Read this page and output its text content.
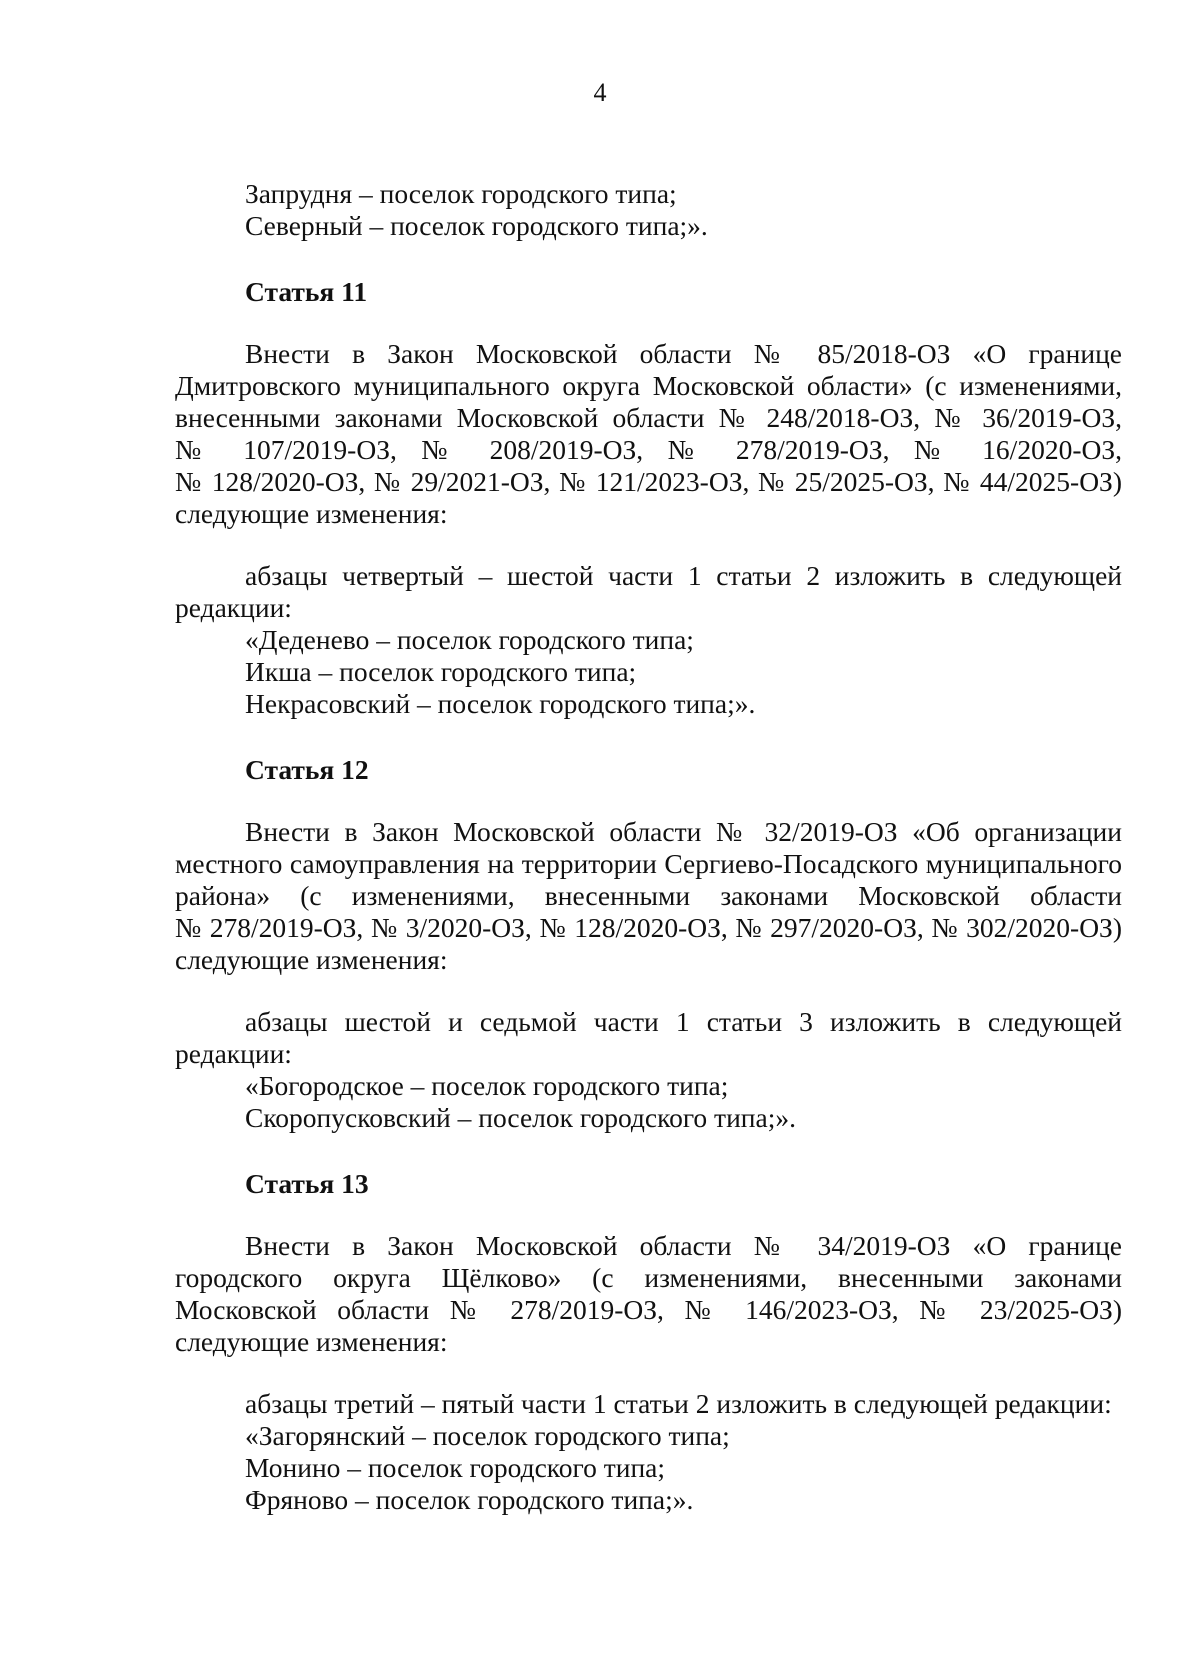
4
Запрудня – поселок городского типа;
Северный – поселок городского типа;».
Статья 11
Внести в Закон Московской области № 85/2018-ОЗ «О границе
Дмитровского муниципального округа Московской области» (с изменениями,
внесенными законами Московской области № 248/2018-ОЗ, № 36/2019-ОЗ,
№ 107/2019-ОЗ, № 208/2019-ОЗ, № 278/2019-ОЗ, № 16/2020-ОЗ,
№ 128/2020-ОЗ, № 29/2021-ОЗ, № 121/2023-ОЗ, № 25/2025-ОЗ, № 44/2025-ОЗ)
следующие изменения:
абзацы четвертый – шестой части 1 статьи 2 изложить в следующей
редакции:
«Деденево – поселок городского типа;
Икша – поселок городского типа;
Некрасовский – поселок городского типа;».
Статья 12
Внести в Закон Московской области № 32/2019-ОЗ «Об организации
местного самоуправления на территории Сергиево-Посадского муниципального
района» (с изменениями, внесенными законами Московской области
№ 278/2019-ОЗ, № 3/2020-ОЗ, № 128/2020-ОЗ, № 297/2020-ОЗ, № 302/2020-ОЗ)
следующие изменения:
абзацы шестой и седьмой части 1 статьи 3 изложить в следующей
редакции:
«Богородское – поселок городского типа;
Скоропусковский – поселок городского типа;».
Статья 13
Внести в Закон Московской области № 34/2019-ОЗ «О границе
городского округа Щёлково» (с изменениями, внесенными законами
Московской области № 278/2019-ОЗ, № 146/2023-ОЗ, № 23/2025-ОЗ)
следующие изменения:
абзацы третий – пятый части 1 статьи 2 изложить в следующей редакции:
«Загорянский – поселок городского типа;
Монино – поселок городского типа;
Фряново – поселок городского типа;».
